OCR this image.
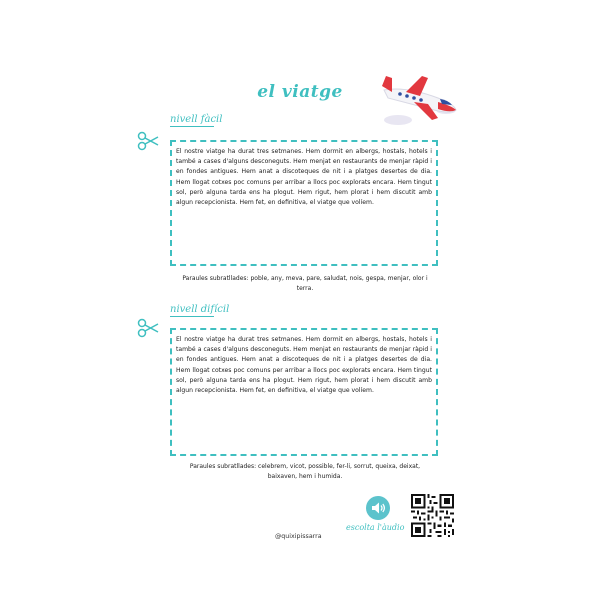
el viatge
nivell fàcil

El nostre viatge ha durat tres setmanes. Hem dormit en albergs, hostals, hotels i també a cases d'alguns desconeguts. Hem menjat en restaurants de menjar ràpid i en fondes antigues. Hem anat a discoteques de nit i a platges desertes de dia. Hem llogat cotxes poc comuns per arribar a llocs poc explorats encara. Hem tingut sol, però alguna tarda ens ha plogut. Hem rigut, hem plorat i hem discutit amb algun recepcionista. Hem fet, en definitiva, el viatge que volíem.

Paraules subratllades: poble, any, meva, pare, saludat, nois, gespa, menjar, olor i terra.
nivell difícil

El nostre viatge ha durat tres setmanes. Hem dormit en albergs, hostals, hotels i també a cases d'alguns desconeguts. Hem menjat en restaurants de menjar ràpid i en fondes antigues. Hem anat a discoteques de nit i a platges desertes de dia. Hem llogat cotxes poc comuns per arribar a llocs poc explorats encara. Hem tingut sol, però alguna tarda ens ha plogut. Hem rigut, hem plorat i hem discutit amb algun recepcionista. Hem fet, en definitiva, el viatge que volíem.

Paraules subratllades: celebrem, vicot, possible, fer-li, sorrut, queixa, deixat, baixaven, hem i humida.
@quixipissarra
escolta l'àudio
